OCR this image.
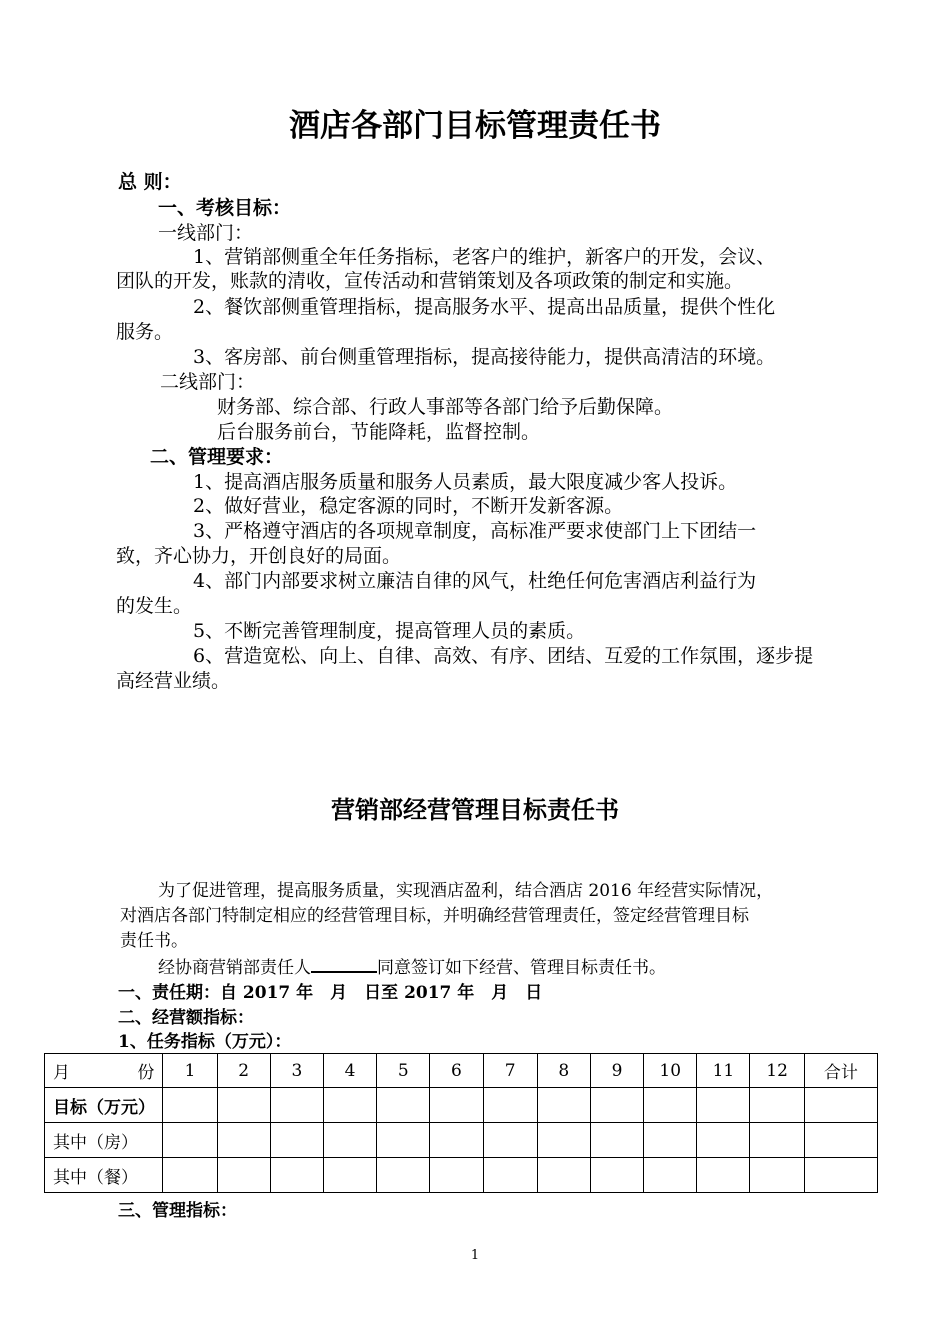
酒店各部门目标管理责任书
总 则：
一、考核目标：
一线部门：
1、营销部侧重全年任务指标，老客户的维护，新客户的开发，会议、
团队的开发，账款的清收，宣传活动和营销策划及各项政策的制定和实施。
2、餐饮部侧重管理指标，提高服务水平、提高出品质量，提供个性化
服务。
3、客房部、前台侧重管理指标，提高接待能力，提供高清洁的环境。
二线部门：
财务部、综合部、行政人事部等各部门给予后勤保障。
后台服务前台，节能降耗，监督控制。
二、管理要求：
1、提高酒店服务质量和服务人员素质，最大限度减少客人投诉。
2、做好营业，稳定客源的同时，不断开发新客源。
3、严格遵守酒店的各项规章制度，高标准严要求使部门上下团结一
致，齐心协力，开创良好的局面。
4、部门内部要求树立廉洁自律的风气，杜绝任何危害酒店利益行为
的发生。
5、不断完善管理制度，提高管理人员的素质。
6、营造宽松、向上、自律、高效、有序、团结、互爱的工作氛围，逐步提
高经营业绩。
营销部经营管理目标责任书
为了促进管理，提高服务质量，实现酒店盈利，结合酒店 2016 年经营实际情况，
对酒店各部门特制定相应的经营管理目标，并明确经营管理责任，签定经营管理目标
责任书。
经协商营销部责任人	同意签订如下经营、管理目标责任书。
一、责任期：自 2017 年　月　日至 2017 年　月　日
二、经营额指标：
1、任务指标（万元）：
月 份	1	2	3	4	5	6	7	8	9	10	11	12	合计
目标（万元）													
其中（房）													
其中（餐）													
三、管理指标：
1
